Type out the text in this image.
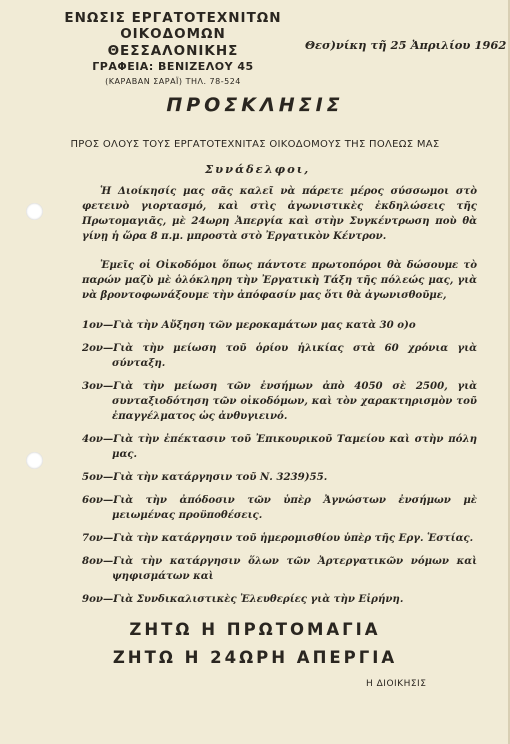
ΕΝΩΣΙΣ ΕΡΓΑΤΟΤΕΧΝΙΤΩΝ
ΟΙΚΟΔΟΜΩΝ ΘΕΣΣΑΛΟΝΙΚΗΣ
ΓΡΑΦΕΙΑ: ΒΕΝΙΖΕΛΟΥ 45
(ΚΑΡΑΒΑΝ ΣΑΡΑΪ) ΤΗΛ. 78-524
Θεσ)νίκη τῆ 25 Ἀπριλίου 1962
ΠΡΟΣΚΛΗΣΙΣ
ΠΡΟΣ ΟΛΟΥΣ ΤΟΥΣ ΕΡΓΑΤΟΤΕΧΝΙΤΑΣ ΟΙΚΟΔΟΜΟΥΣ ΤΗΣ ΠΟΛΕΩΣ ΜΑΣ
Συνάδελφοι,
Ἡ Διοίκησίς μας σᾶς καλεῖ νὰ πάρετε μέρος σύσσωμοι στὸ φετεινὸ γιορτασμό, καὶ στὶς ἀγωνιστικὲς ἐκδηλώσεις τῆς Πρωτομαγιᾶς, μὲ 24ωρη Ἀπεργία καὶ στὴν Συγκέντρωση ποὺ θὰ γίνῃ ἡ ὥρα 8 π.μ. μπροστὰ στὸ Ἐργατικὸν Κέντρον.
Ἐμεῖς οἱ Οἰκοδόμοι ὅπως πάντοτε πρωτοπόροι θὰ δώσουμε τὸ παρών μαζὺ μὲ ὁλόκληρη τὴν Ἐργατικὴ Τάξη τῆς πόλεώς μας, γιὰ νὰ βροντοφωνάξουμε τὴν ἀπόφασίν μας ὅτι θὰ ἀγωνισθοῦμε,
1ον—Γιὰ τὴν Αὔξηση τῶν μεροκαμάτων μας κατὰ 30 ο)ο
2ον—Γιὰ τὴν μείωση τοῦ ὁρίου ἡλικίας στὰ 60 χρόνια γιὰ σύνταξη.
3ον—Γιὰ τὴν μείωση τῶν ἐνσήμων ἀπὸ 4050 σὲ 2500, γιὰ συνταξιοδότηση τῶν οἰκοδόμων, καὶ τὸν χαρακτηρισμὸν τοῦ ἐπαγγέλματος ὡς ἀνθυγιεινό.
4ον—Γιὰ τὴν ἐπέκτασιν τοῦ Ἐπικουρικοῦ Ταμείου καὶ στὴν πόλη μας.
5ον—Γιὰ τὴν κατάργησιν τοῦ Ν. 3239)55.
6ον—Γιὰ τὴν ἀπόδοσιν τῶν ὑπὲρ Ἀγνώστων ἐνσήμων μὲ μειωμένας προϋποθέσεις.
7ον—Γιὰ τὴν κατάργησιν τοῦ ἡμερομισθίου ὑπὲρ τῆς Εργ. Ἑστίας.
8ον—Γιὰ τὴν κατάργησιν ὅλων τῶν Ἀρτεργατικῶν νόμων καὶ ψηφισμάτων καὶ
9ον—Γιὰ Συνδικαλιστικὲς Ἐλευθερίες γιὰ τὴν Εἰρήνη.
ΖΗΤΩ Η ΠΡΩΤΟΜΑΓΙΑ
ΖΗΤΩ Η 24ΩΡΗ ΑΠΕΡΓΙΑ
Η ΔΙΟΙΚΗΣΙΣ
